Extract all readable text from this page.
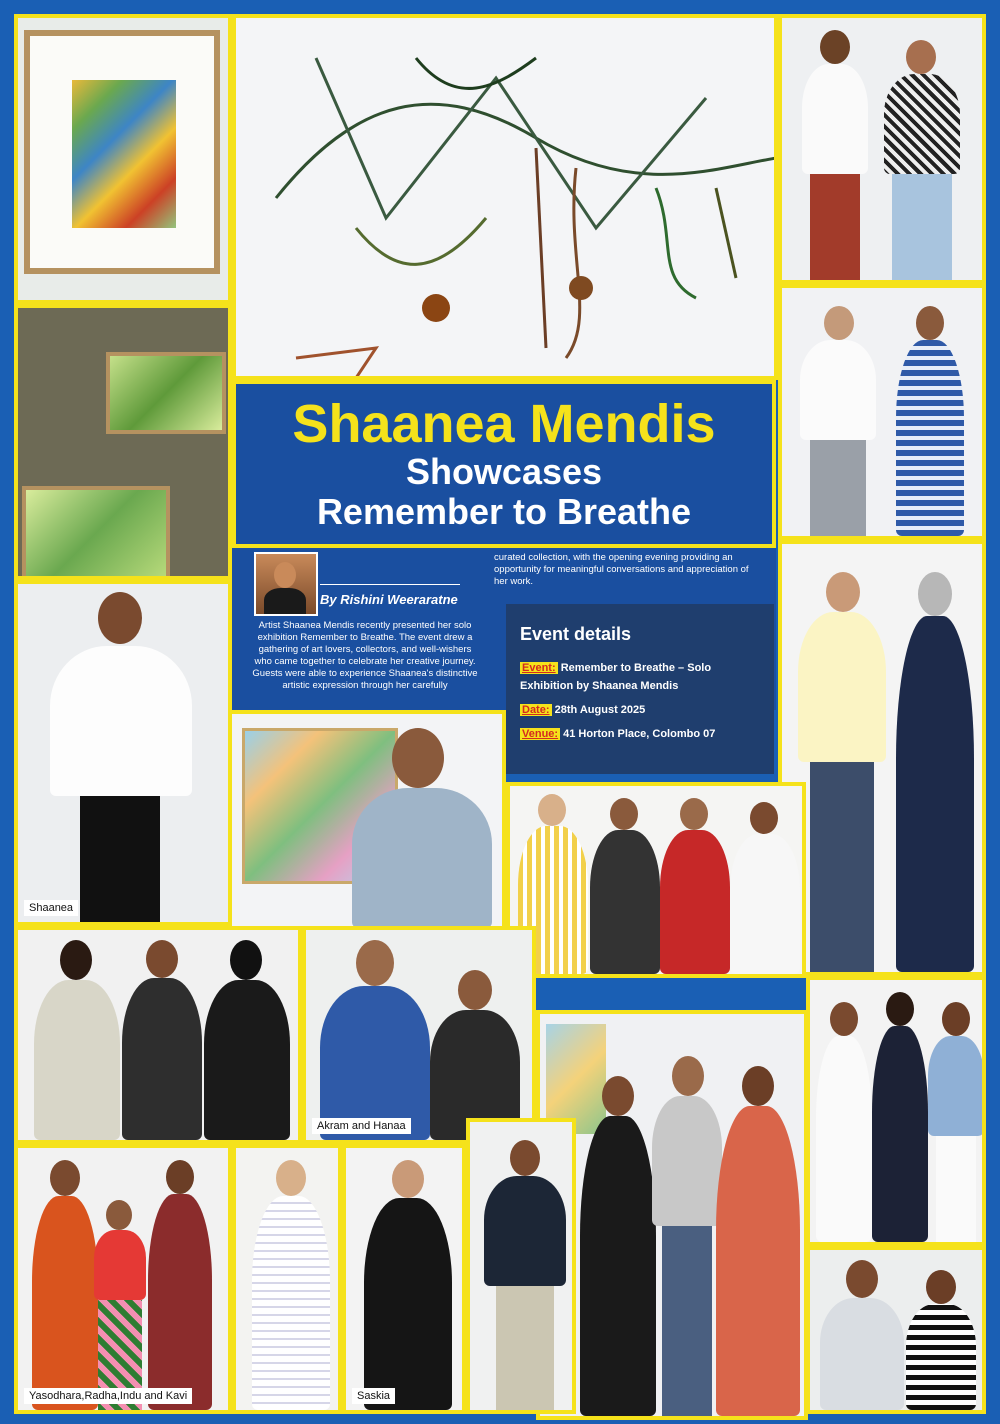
Shaanea Mendis
Showcases
Remember to Breathe
By Rishini Weeraratne
Artist Shaanea Mendis recently presented her solo exhibition Remember to Breathe. The event drew a gathering of art lovers, collectors, and well-wishers who came together to celebrate her creative journey. Guests were able to experience Shaanea's distinctive artistic expression through her carefully
curated collection, with the opening evening providing an opportunity for meaningful conversations and appreciation of her work.
Event details
Event: Remember to Breathe – Solo Exhibition by Shaanea Mendis
Date: 28th August 2025
Venue: 41 Horton Place, Colombo 07
Shaanea
Akram and Hanaa
Yasodhara,Radha,Indu and Kavi	Saskia
